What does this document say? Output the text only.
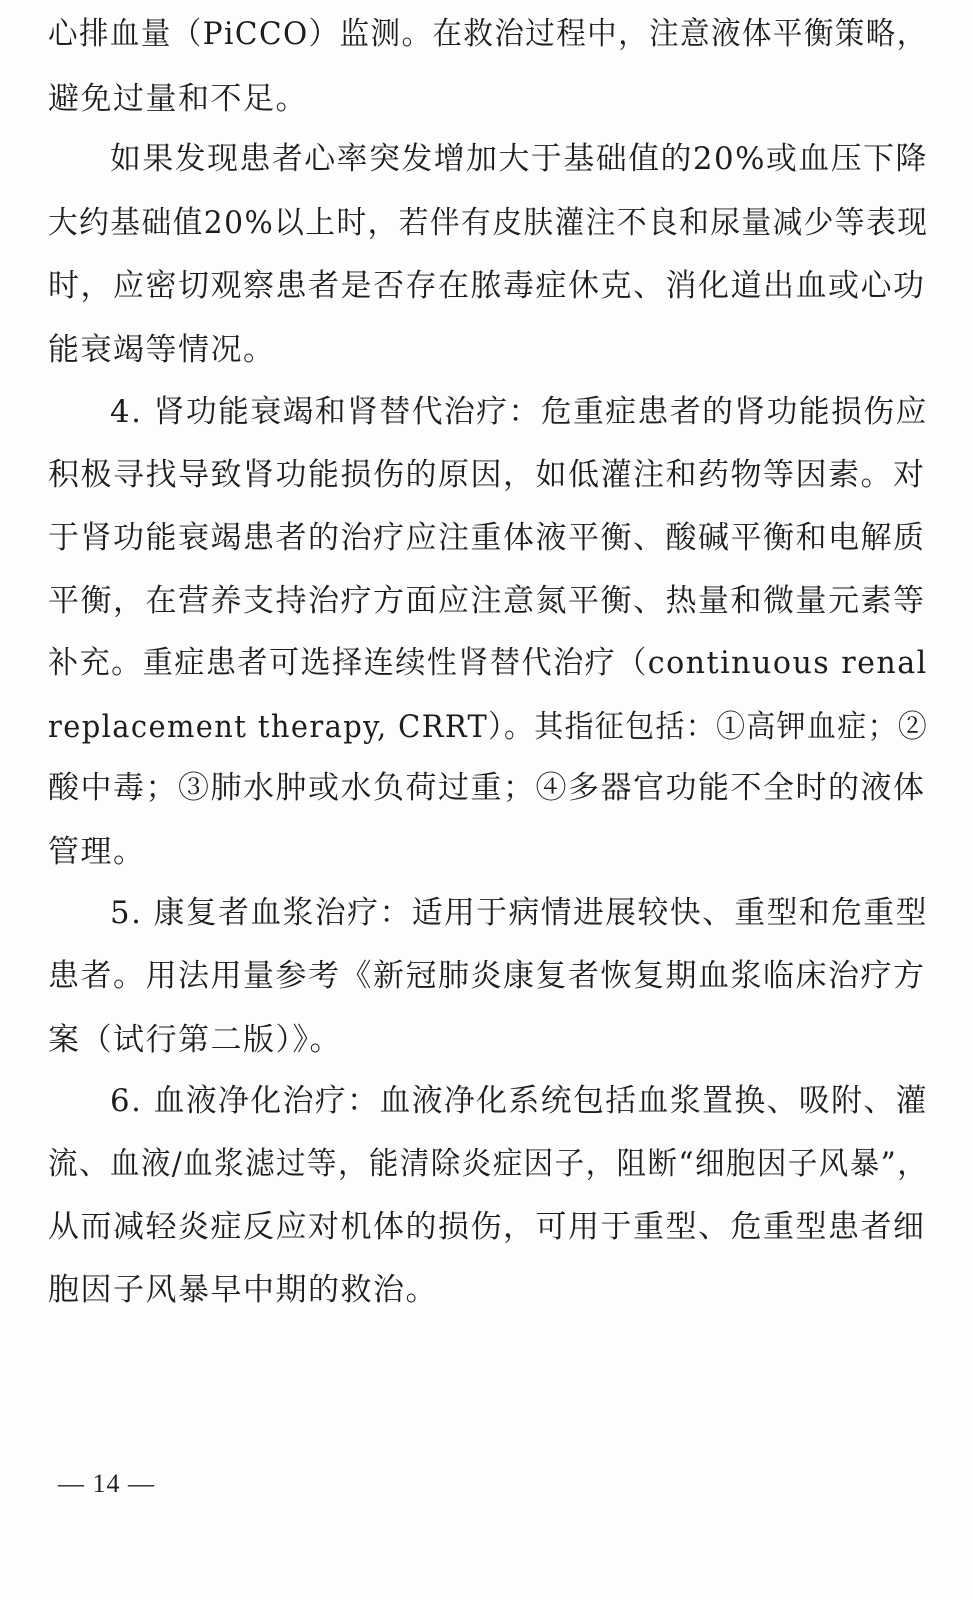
心排血量（PiCCO）监测。在救治过程中，注意液体平衡策略，
避免过量和不足。
如果发现患者心率突发增加大于基础值的20%或血压下降
大约基础值20%以上时，若伴有皮肤灌注不良和尿量减少等表现
时，应密切观察患者是否存在脓毒症休克、消化道出血或心功
能衰竭等情况。
4. 肾功能衰竭和肾替代治疗：危重症患者的肾功能损伤应
积极寻找导致肾功能损伤的原因，如低灌注和药物等因素。对
于肾功能衰竭患者的治疗应注重体液平衡、酸碱平衡和电解质
平衡，在营养支持治疗方面应注意氮平衡、热量和微量元素等
补充。重症患者可选择连续性肾替代治疗（continuous renal
replacement therapy, CRRT）。其指征包括：①高钾血症；②
酸中毒；③肺水肿或水负荷过重；④多器官功能不全时的液体
管理。
5. 康复者血浆治疗：适用于病情进展较快、重型和危重型
患者。用法用量参考《新冠肺炎康复者恢复期血浆临床治疗方
案（试行第二版）》。
6. 血液净化治疗：血液净化系统包括血浆置换、吸附、灌
流、血液/血浆滤过等，能清除炎症因子，阻断“细胞因子风暴”，
从而减轻炎症反应对机体的损伤，可用于重型、危重型患者细
胞因子风暴早中期的救治。
— 14 —
